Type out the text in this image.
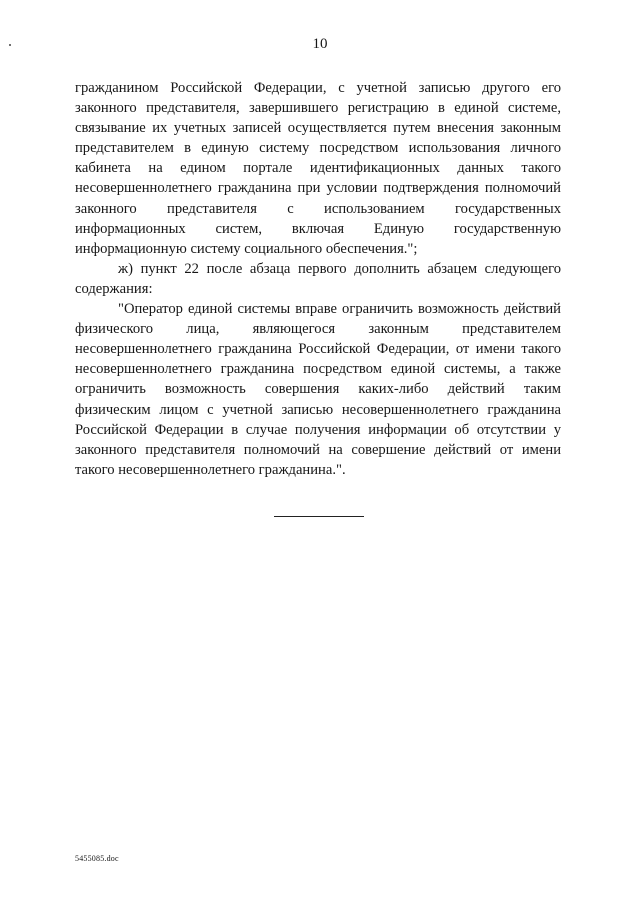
10

гражданином Российской Федерации, с учетной записью другого его законного представителя, завершившего регистрацию в единой системе, связывание их учетных записей осуществляется путем внесения законным представителем в единую систему посредством использования личного кабинета на едином портале идентификационных данных такого несовершеннолетнего гражданина при условии подтверждения полномочий законного представителя с использованием государственных информационных систем, включая Единую государственную информационную систему социального обеспечения.";

ж) пункт 22 после абзаца первого дополнить абзацем следующего содержания:

"Оператор единой системы вправе ограничить возможность действий физического лица, являющегося законным представителем несовершеннолетнего гражданина Российской Федерации, от имени такого несовершеннолетнего гражданина посредством единой системы, а также ограничить возможность совершения каких-либо действий таким физическим лицом с учетной записью несовершеннолетнего гражданина Российской Федерации в случае получения информации об отсутствии у законного представителя полномочий на совершение действий от имени такого несовершеннолетнего гражданина.".

5455085.doc
